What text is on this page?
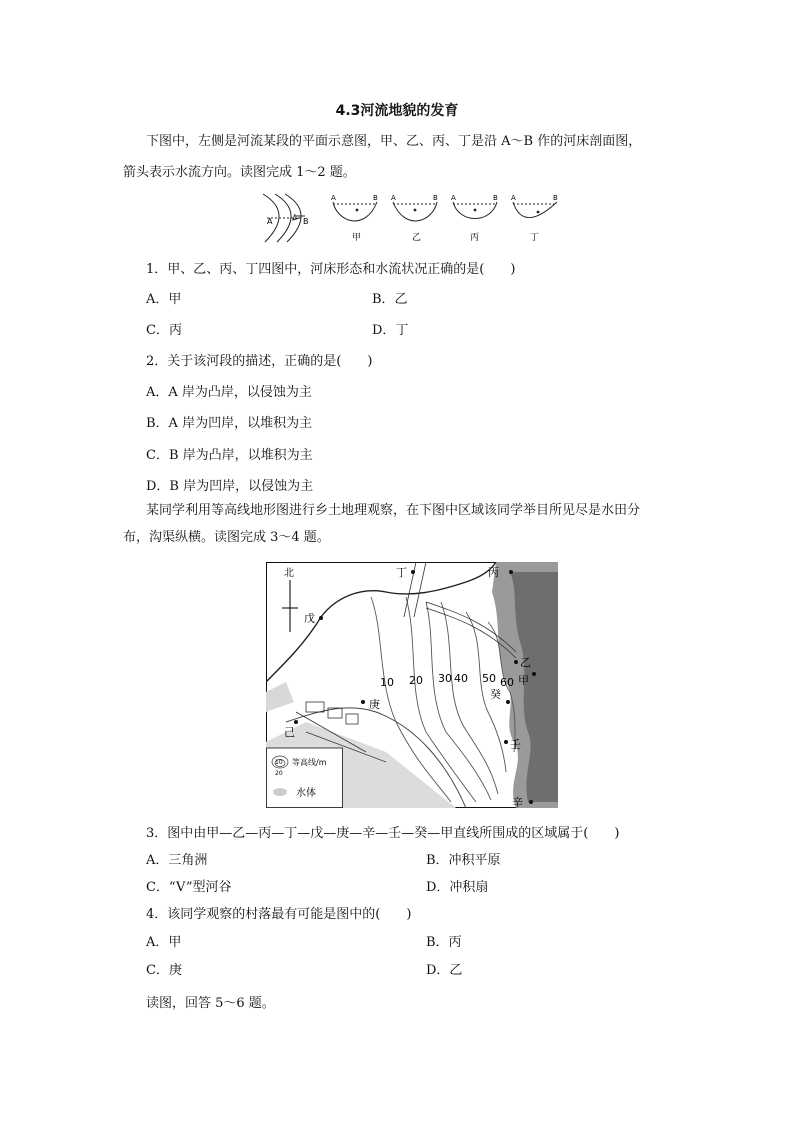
4.3河流地貌的发育
下图中，左侧是河流某段的平面示意图，甲、乙、丙、丁是沿 A～B 作的河床剖面图，
箭头表示水流方向。读图完成 1～2 题。
A	B
A	B A	B A	B A	B
甲	乙	丙	丁
1．甲、乙、丙、丁四图中，河床形态和水流状况正确的是(　　)
A．甲	B．乙
C．丙	D．丁
2．关于该河段的描述，正确的是(　　)
A．A 岸为凸岸，以侵蚀为主
B．A 岸为凹岸，以堆积为主
C．B 岸为凸岸，以堆积为主
D．B 岸为凹岸，以侵蚀为主
某同学利用等高线地形图进行乡土地理观察，在下图中区域该同学举目所见尽是水田分
布，沟渠纵横。读图完成 3～4 题。
北	丁	丙
戊
乙
甲
癸
庚
己
壬
辛
10 20 30 40 50 60
10
20
等高线/m
水体
3．图中由甲—乙—丙—丁—戊—庚—辛—壬—癸—甲直线所围成的区域属于(　　)
A．三角洲	B．冲积平原
C．“V”型河谷	D．冲积扇
4．该同学观察的村落最有可能是图中的(　　)
A．甲	B．丙
C．庚	D．乙
读图，回答 5～6 题。
